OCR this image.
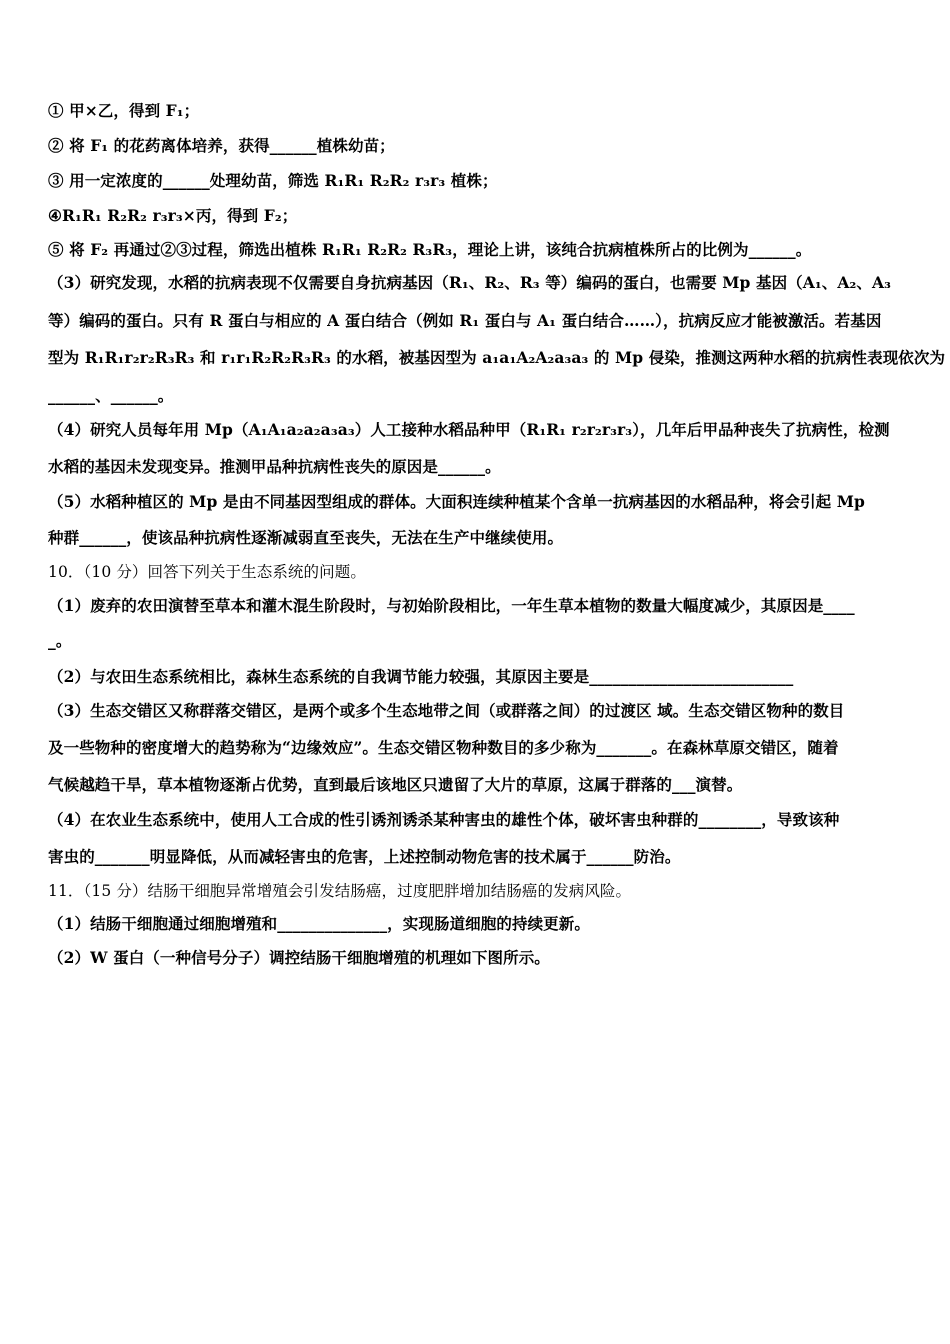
① 甲×乙，得到 F₁；
② 将 F₁ 的花药离体培养，获得______植株幼苗；
③ 用一定浓度的______处理幼苗，筛选 R₁R₁ R₂R₂ r₃r₃ 植株；
④R₁R₁ R₂R₂ r₃r₃×丙，得到 F₂；
⑤ 将 F₂ 再通过②③过程，筛选出植株 R₁R₁ R₂R₂ R₃R₃，理论上讲，该纯合抗病植株所占的比例为______。
（3）研究发现，水稻的抗病表现不仅需要自身抗病基因（R₁、R₂、R₃ 等）编码的蛋白，也需要 Mp 基因（A₁、A₂、A₃
等）编码的蛋白。只有 R 蛋白与相应的 A 蛋白结合（例如 R₁ 蛋白与 A₁ 蛋白结合……），抗病反应才能被激活。若基因
型为 R₁R₁r₂r₂R₃R₃ 和 r₁r₁R₂R₂R₃R₃ 的水稻，被基因型为 a₁a₁A₂A₂a₃a₃ 的 Mp 侵染，推测这两种水稻的抗病性表现依次为
______、______。
（4）研究人员每年用 Mp（A₁A₁a₂a₂a₃a₃）人工接种水稻品种甲（R₁R₁ r₂r₂r₃r₃），几年后甲品种丧失了抗病性，检测
水稻的基因未发现变异。推测甲品种抗病性丧失的原因是______。
（5）水稻种植区的 Mp 是由不同基因型组成的群体。大面积连续种植某个含单一抗病基因的水稻品种，将会引起 Mp
种群______，使该品种抗病性逐渐减弱直至丧失，无法在生产中继续使用。
10．（10 分）回答下列关于生态系统的问题。
（1）废弃的农田演替至草本和灌木混生阶段时，与初始阶段相比，一年生草本植物的数量大幅度减少，其原因是____
_。
（2）与农田生态系统相比，森林生态系统的自我调节能力较强，其原因主要是__________________________
（3）生态交错区又称群落交错区，是两个或多个生态地带之间（或群落之间）的过渡区 域。生态交错区物种的数目
及一些物种的密度增大的趋势称为“边缘效应”。生态交错区物种数目的多少称为_______。在森林草原交错区，随着
气候越趋干旱，草本植物逐渐占优势，直到最后该地区只遗留了大片的草原，这属于群落的___演替。
（4）在农业生态系统中，使用人工合成的性引诱剂诱杀某种害虫的雄性个体，破坏害虫种群的________，导致该种
害虫的_______明显降低，从而减轻害虫的危害，上述控制动物危害的技术属于______防治。
11．（15 分）结肠干细胞异常增殖会引发结肠癌，过度肥胖增加结肠癌的发病风险。
（1）结肠干细胞通过细胞增殖和______________，实现肠道细胞的持续更新。
（2）W 蛋白（一种信号分子）调控结肠干细胞增殖的机理如下图所示。
